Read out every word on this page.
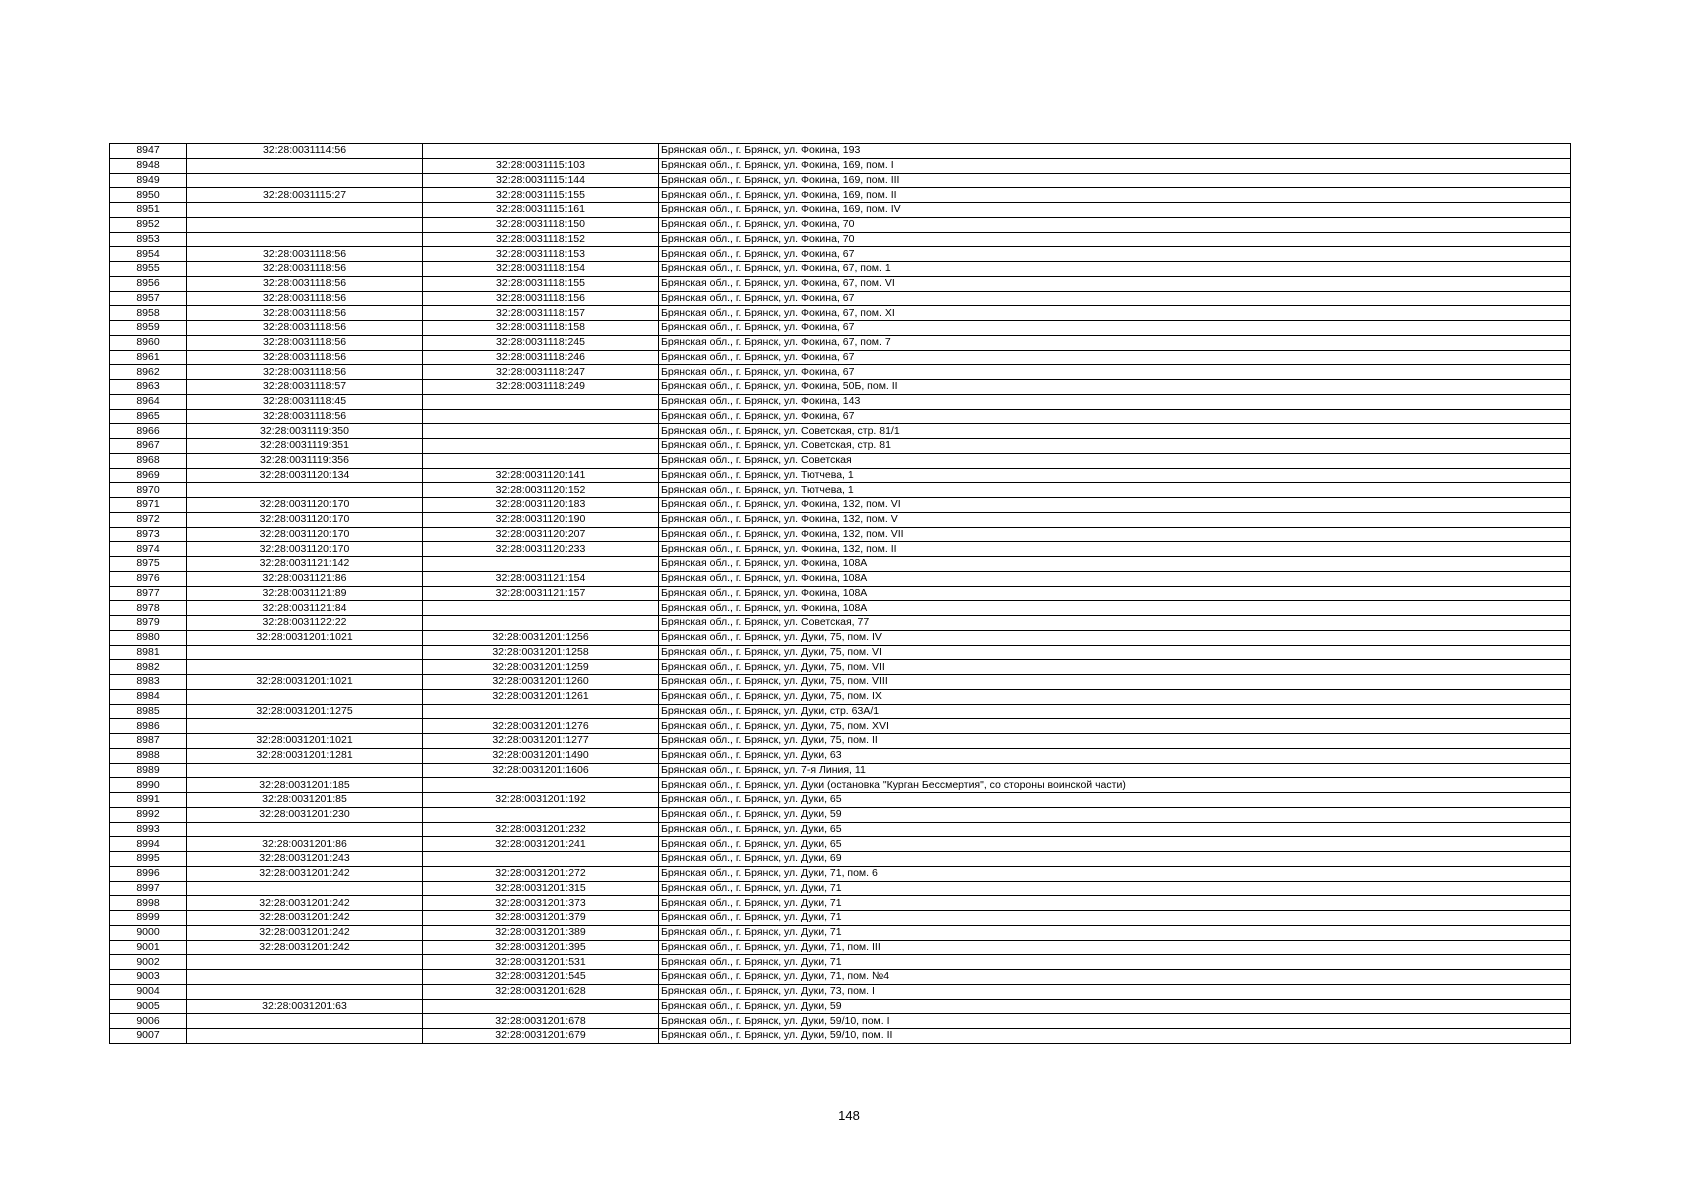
8947	32:28:0031114:56		Брянская обл., г. Брянск, ул. Фокина, 193
8948		32:28:0031115:103	Брянская обл., г. Брянск, ул. Фокина, 169, пом. I
8949		32:28:0031115:144	Брянская обл., г. Брянск, ул. Фокина, 169, пом. III
8950	32:28:0031115:27	32:28:0031115:155	Брянская обл., г. Брянск, ул. Фокина, 169, пом. II
8951		32:28:0031115:161	Брянская обл., г. Брянск, ул. Фокина, 169, пом. IV
8952		32:28:0031118:150	Брянская обл., г. Брянск, ул. Фокина, 70
8953		32:28:0031118:152	Брянская обл., г. Брянск, ул. Фокина, 70
8954	32:28:0031118:56	32:28:0031118:153	Брянская обл., г. Брянск, ул. Фокина, 67
8955	32:28:0031118:56	32:28:0031118:154	Брянская обл., г. Брянск, ул. Фокина, 67, пом. 1
8956	32:28:0031118:56	32:28:0031118:155	Брянская обл., г. Брянск, ул. Фокина, 67, пом. VI
8957	32:28:0031118:56	32:28:0031118:156	Брянская обл., г. Брянск, ул. Фокина, 67
8958	32:28:0031118:56	32:28:0031118:157	Брянская обл., г. Брянск, ул. Фокина, 67, пом. XI
8959	32:28:0031118:56	32:28:0031118:158	Брянская обл., г. Брянск, ул. Фокина, 67
8960	32:28:0031118:56	32:28:0031118:245	Брянская обл., г. Брянск, ул. Фокина, 67, пом. 7
8961	32:28:0031118:56	32:28:0031118:246	Брянская обл., г. Брянск, ул. Фокина, 67
8962	32:28:0031118:56	32:28:0031118:247	Брянская обл., г. Брянск, ул. Фокина, 67
8963	32:28:0031118:57	32:28:0031118:249	Брянская обл., г. Брянск, ул. Фокина, 50Б, пом. II
8964	32:28:0031118:45		Брянская обл., г. Брянск, ул. Фокина, 143
8965	32:28:0031118:56		Брянская обл., г. Брянск, ул. Фокина, 67
8966	32:28:0031119:350		Брянская обл., г. Брянск, ул. Советская, стр. 81/1
8967	32:28:0031119:351		Брянская обл., г. Брянск, ул. Советская, стр. 81
8968	32:28:0031119:356		Брянская обл., г. Брянск, ул. Советская
8969	32:28:0031120:134	32:28:0031120:141	Брянская обл., г. Брянск, ул. Тютчева, 1
8970		32:28:0031120:152	Брянская обл., г. Брянск, ул. Тютчева, 1
8971	32:28:0031120:170	32:28:0031120:183	Брянская обл., г. Брянск, ул. Фокина, 132, пом. VI
8972	32:28:0031120:170	32:28:0031120:190	Брянская обл., г. Брянск, ул. Фокина, 132, пом. V
8973	32:28:0031120:170	32:28:0031120:207	Брянская обл., г. Брянск, ул. Фокина, 132, пом. VII
8974	32:28:0031120:170	32:28:0031120:233	Брянская обл., г. Брянск, ул. Фокина, 132, пом. II
8975	32:28:0031121:142		Брянская обл., г. Брянск, ул. Фокина, 108А
8976	32:28:0031121:86	32:28:0031121:154	Брянская обл., г. Брянск, ул. Фокина, 108А
8977	32:28:0031121:89	32:28:0031121:157	Брянская обл., г. Брянск, ул. Фокина, 108А
8978	32:28:0031121:84		Брянская обл., г. Брянск, ул. Фокина, 108А
8979	32:28:0031122:22		Брянская обл., г. Брянск, ул. Советская, 77
8980	32:28:0031201:1021	32:28:0031201:1256	Брянская обл., г. Брянск, ул. Дуки, 75, пом. IV
8981		32:28:0031201:1258	Брянская обл., г. Брянск, ул. Дуки, 75, пом. VI
8982		32:28:0031201:1259	Брянская обл., г. Брянск, ул. Дуки, 75, пом. VII
8983	32:28:0031201:1021	32:28:0031201:1260	Брянская обл., г. Брянск, ул. Дуки, 75, пом. VIII
8984		32:28:0031201:1261	Брянская обл., г. Брянск, ул. Дуки, 75, пом. IX
8985	32:28:0031201:1275		Брянская обл., г. Брянск, ул. Дуки, стр. 63А/1
8986		32:28:0031201:1276	Брянская обл., г. Брянск, ул. Дуки, 75, пом. XVI
8987	32:28:0031201:1021	32:28:0031201:1277	Брянская обл., г. Брянск, ул. Дуки, 75, пом. II
8988	32:28:0031201:1281	32:28:0031201:1490	Брянская обл., г. Брянск, ул. Дуки, 63
8989		32:28:0031201:1606	Брянская обл., г. Брянск, ул. 7-я Линия, 11
8990	32:28:0031201:185		Брянская обл., г. Брянск, ул. Дуки (остановка "Курган Бессмертия", со стороны воинской части)
8991	32:28:0031201:85	32:28:0031201:192	Брянская обл., г. Брянск, ул. Дуки, 65
8992	32:28:0031201:230		Брянская обл., г. Брянск, ул. Дуки, 59
8993		32:28:0031201:232	Брянская обл., г. Брянск, ул. Дуки, 65
8994	32:28:0031201:86	32:28:0031201:241	Брянская обл., г. Брянск, ул. Дуки, 65
8995	32:28:0031201:243		Брянская обл., г. Брянск, ул. Дуки, 69
8996	32:28:0031201:242	32:28:0031201:272	Брянская обл., г. Брянск, ул. Дуки, 71, пом. 6
8997		32:28:0031201:315	Брянская обл., г. Брянск, ул. Дуки, 71
8998	32:28:0031201:242	32:28:0031201:373	Брянская обл., г. Брянск, ул. Дуки, 71
8999	32:28:0031201:242	32:28:0031201:379	Брянская обл., г. Брянск, ул. Дуки, 71
9000	32:28:0031201:242	32:28:0031201:389	Брянская обл., г. Брянск, ул. Дуки, 71
9001	32:28:0031201:242	32:28:0031201:395	Брянская обл., г. Брянск, ул. Дуки, 71, пом. III
9002		32:28:0031201:531	Брянская обл., г. Брянск, ул. Дуки, 71
9003		32:28:0031201:545	Брянская обл., г. Брянск, ул. Дуки, 71, пом. №4
9004		32:28:0031201:628	Брянская обл., г. Брянск, ул. Дуки, 73, пом. I
9005	32:28:0031201:63		Брянская обл., г. Брянск, ул. Дуки, 59
9006		32:28:0031201:678	Брянская обл., г. Брянск, ул. Дуки, 59/10, пом. I
9007		32:28:0031201:679	Брянская обл., г. Брянск, ул. Дуки, 59/10, пом. II
148
